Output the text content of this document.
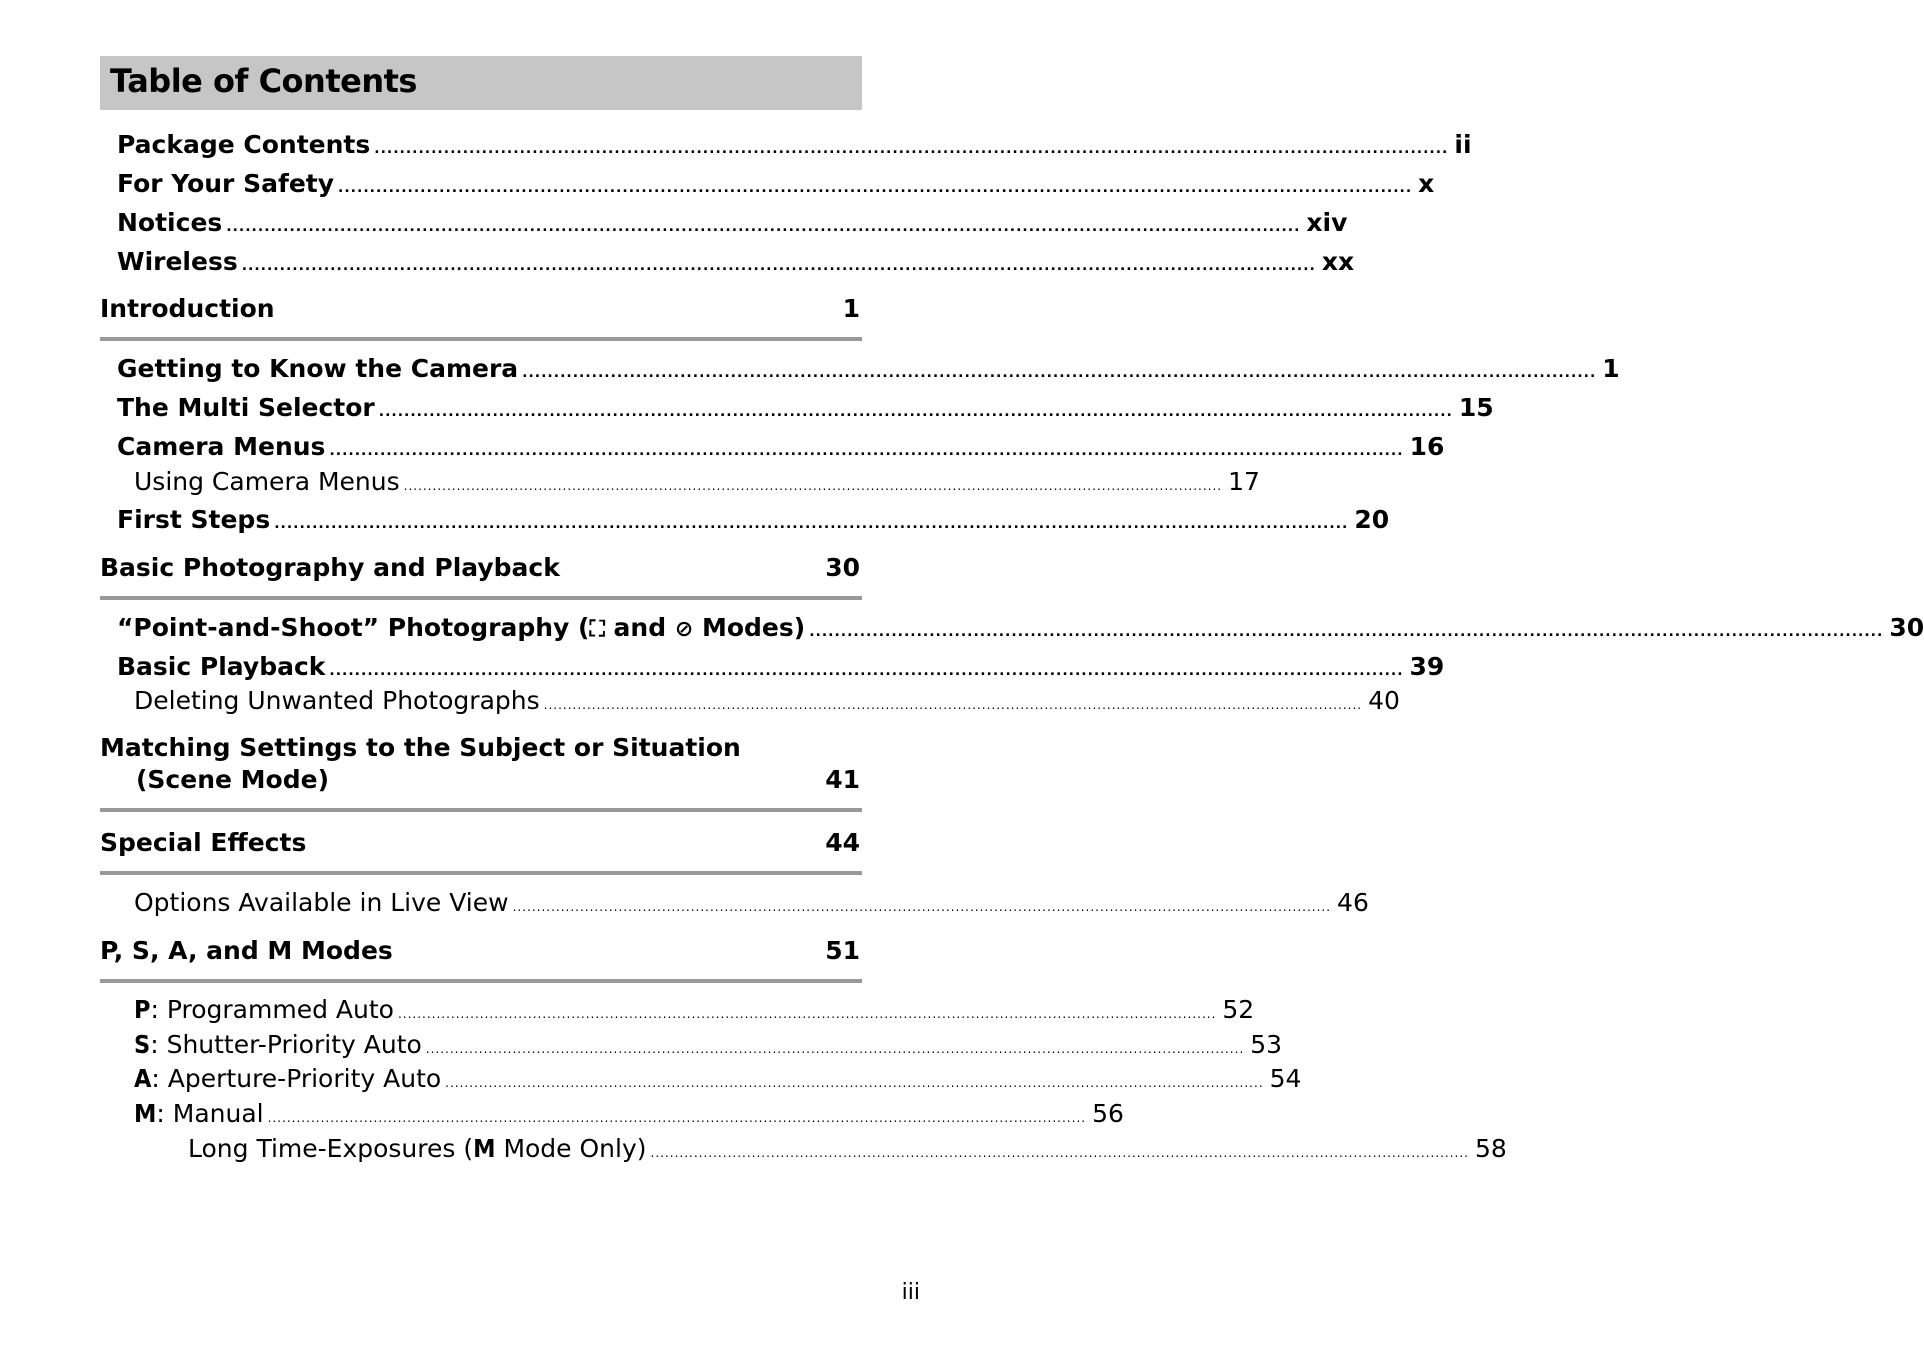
Table of Contents
Package Contents .......................................................................................................................................................................... ii
For Your Safety .......................................................................................................................................................................... x
Notices .......................................................................................................................................................................... xiv
Wireless .......................................................................................................................................................................... xx
Introduction	1
Getting to Know the Camera .......................................................................................................................................................................... 1
The Multi Selector .......................................................................................................................................................................... 15
Camera Menus .......................................................................................................................................................................... 16
Using Camera Menus .......................................................................................................................................................................... 17
First Steps .......................................................................................................................................................................... 20
Basic Photography and Playback	30
“Point-and-Shoot” Photography (⛶ and ⊘ Modes) .......................................................................................................................................................................... 30
Basic Playback .......................................................................................................................................................................... 39
Deleting Unwanted Photographs .......................................................................................................................................................................... 40
Matching Settings to the Subject or Situation
(Scene Mode)	41
Special Effects	44
Options Available in Live View .......................................................................................................................................................................... 46
P, S, A, and M Modes	51
P: Programmed Auto .......................................................................................................................................................................... 52
S: Shutter-Priority Auto .......................................................................................................................................................................... 53
A: Aperture-Priority Auto .......................................................................................................................................................................... 54
M: Manual .......................................................................................................................................................................... 56
Long Time-Exposures (M Mode Only) .......................................................................................................................................................................... 58
iii
